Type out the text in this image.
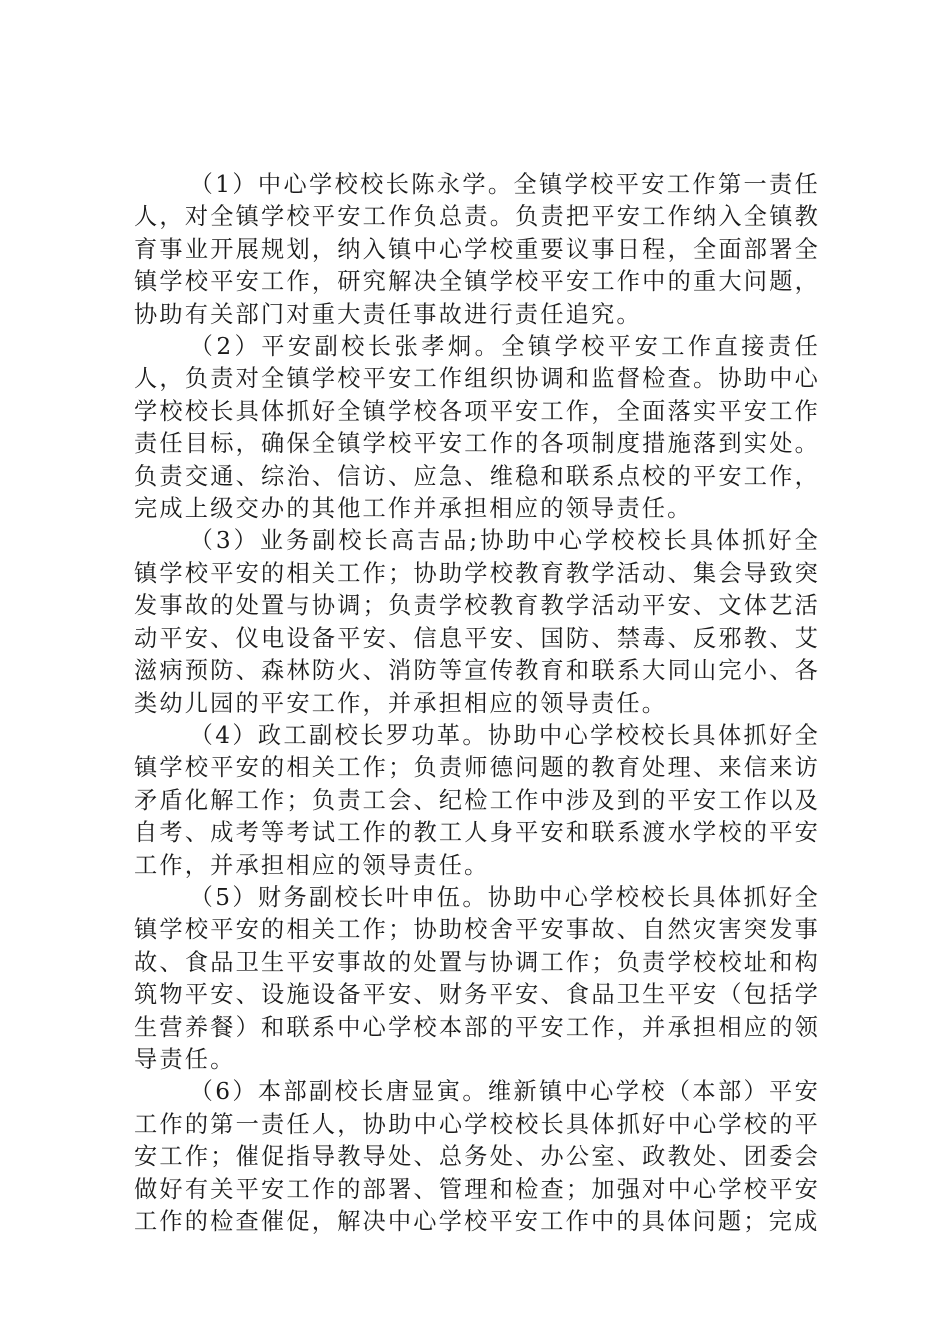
（1）中心学校校长陈永学。全镇学校平安工作第一责任人，对全镇学校平安工作负总责。负责把平安工作纳入全镇教育事业开展规划，纳入镇中心学校重要议事日程，全面部署全镇学校平安工作，研究解决全镇学校平安工作中的重大问题，协助有关部门对重大责任事故进行责任追究。

（2）平安副校长张孝炯。全镇学校平安工作直接责任人，负责对全镇学校平安工作组织协调和监督检查。协助中心学校校长具体抓好全镇学校各项平安工作，全面落实平安工作责任目标，确保全镇学校平安工作的各项制度措施落到实处。负责交通、综治、信访、应急、维稳和联系点校的平安工作，完成上级交办的其他工作并承担相应的领导责任。

（3）业务副校长高吉品;协助中心学校校长具体抓好全镇学校平安的相关工作；协助学校教育教学活动、集会导致突发事故的处置与协调；负责学校教育教学活动平安、文体艺活动平安、仪电设备平安、信息平安、国防、禁毒、反邪教、艾滋病预防、森林防火、消防等宣传教育和联系大同山完小、各类幼儿园的平安工作，并承担相应的领导责任。

（4）政工副校长罗功革。协助中心学校校长具体抓好全镇学校平安的相关工作；负责师德问题的教育处理、来信来访矛盾化解工作；负责工会、纪检工作中涉及到的平安工作以及自考、成考等考试工作的教工人身平安和联系渡水学校的平安工作，并承担相应的领导责任。

（5）财务副校长叶申伍。协助中心学校校长具体抓好全镇学校平安的相关工作；协助校舍平安事故、自然灾害突发事故、食品卫生平安事故的处置与协调工作；负责学校校址和构筑物平安、设施设备平安、财务平安、食品卫生平安（包括学生营养餐）和联系中心学校本部的平安工作，并承担相应的领导责任。

（6）本部副校长唐显寅。维新镇中心学校（本部）平安工作的第一责任人，协助中心学校校长具体抓好中心学校的平安工作；催促指导教导处、总务处、办公室、政教处、团委会做好有关平安工作的部署、管理和检查；加强对中心学校平安工作的检查催促，解决中心学校平安工作中的具体问题；完成
